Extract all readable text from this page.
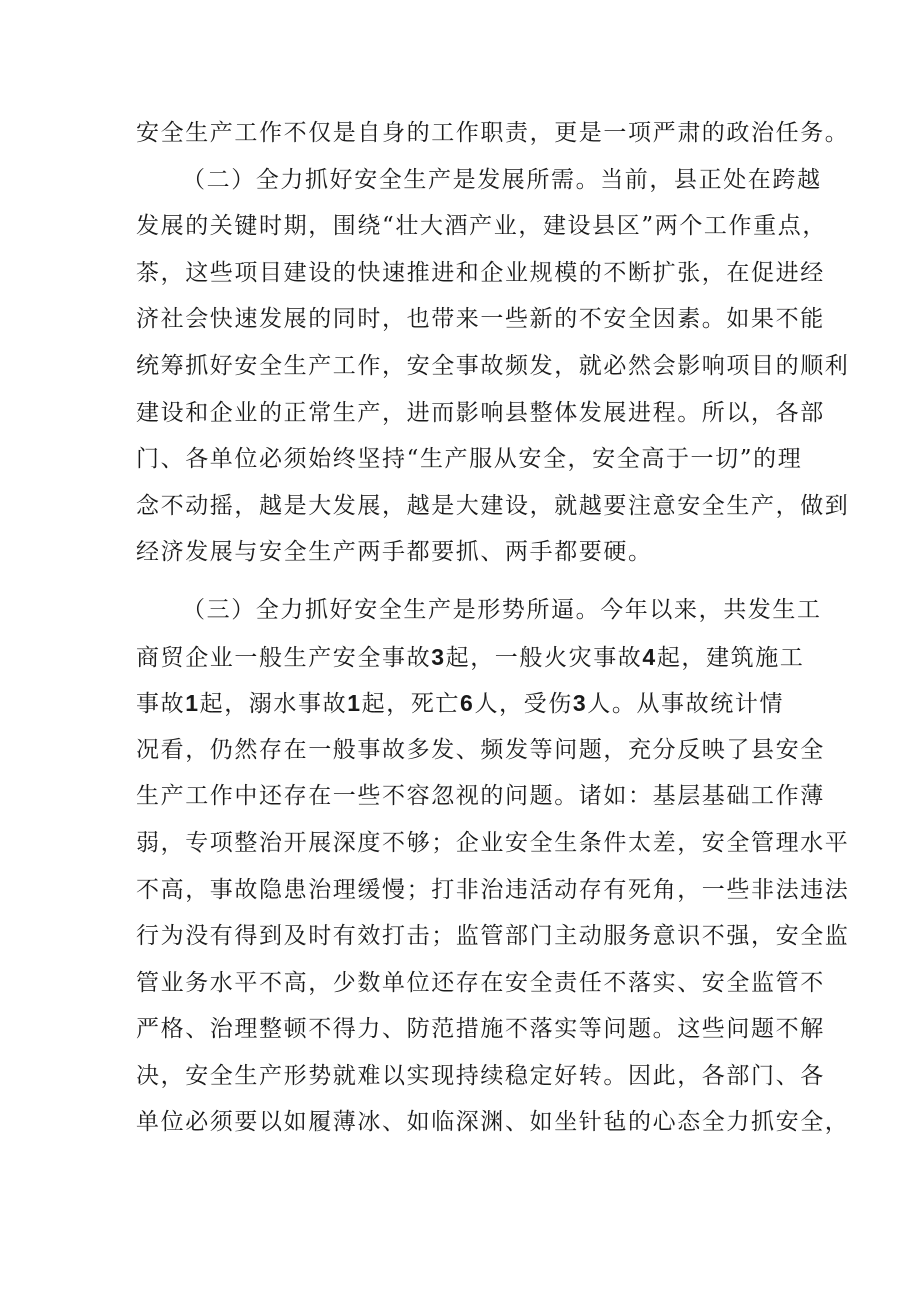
安全生产工作不仅是自身的工作职责，更是一项严肃的政治任务。
（二）全力抓好安全生产是发展所需。当前，县正处在跨越
发展的关键时期，围绕“壮大酒产业，建设县区”两个工作重点，
茶，这些项目建设的快速推进和企业规模的不断扩张，在促进经
济社会快速发展的同时，也带来一些新的不安全因素。如果不能
统筹抓好安全生产工作，安全事故频发，就必然会影响项目的顺利
建设和企业的正常生产，进而影响县整体发展进程。所以，各部
门、各单位必须始终坚持“生产服从安全，安全高于一切”的理
念不动摇，越是大发展，越是大建设，就越要注意安全生产，做到
经济发展与安全生产两手都要抓、两手都要硬。
（三）全力抓好安全生产是形势所逼。今年以来，共发生工
商贸企业一般生产安全事故3起，一般火灾事故4起，建筑施工
事故1起，溺水事故1起，死亡6人，受伤3人。从事故统计情
况看，仍然存在一般事故多发、频发等问题，充分反映了县安全
生产工作中还存在一些不容忽视的问题。诸如：基层基础工作薄
弱，专项整治开展深度不够；企业安全生条件太差，安全管理水平
不高，事故隐患治理缓慢；打非治违活动存有死角，一些非法违法
行为没有得到及时有效打击；监管部门主动服务意识不强，安全监
管业务水平不高，少数单位还存在安全责任不落实、安全监管不
严格、治理整顿不得力、防范措施不落实等问题。这些问题不解
决，安全生产形势就难以实现持续稳定好转。因此，各部门、各
单位必须要以如履薄冰、如临深渊、如坐针毡的心态全力抓安全，
